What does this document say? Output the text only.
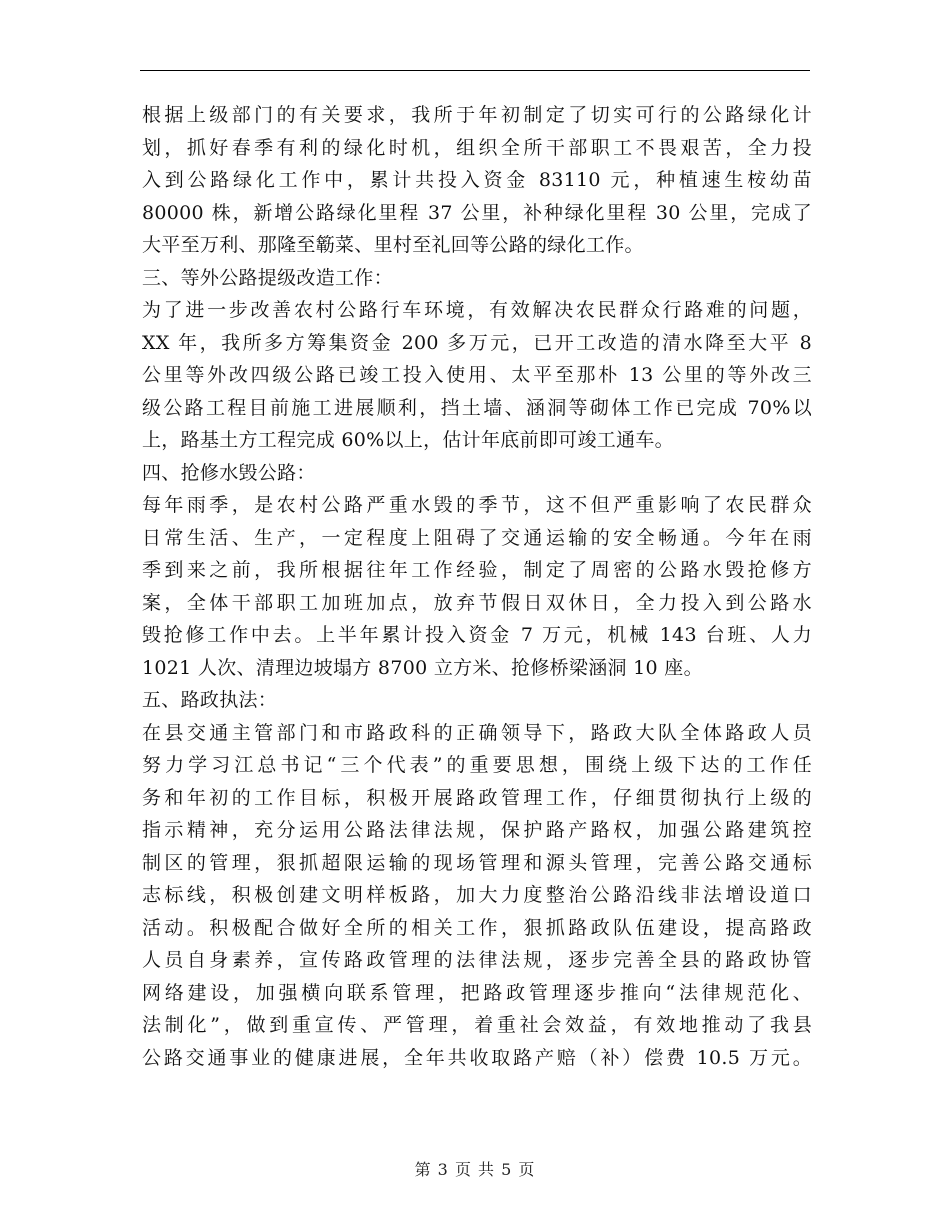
根据上级部门的有关要求，我所于年初制定了切实可行的公路绿化计
划，抓好春季有利的绿化时机，组织全所干部职工不畏艰苦，全力投
入到公路绿化工作中，累计共投入资金 83110 元，种植速生桉幼苗
80000 株，新增公路绿化里程 37 公里，补种绿化里程 30 公里，完成了
大平至万利、那隆至簕菜、里村至礼回等公路的绿化工作。
三、等外公路提级改造工作：
为了进一步改善农村公路行车环境，有效解决农民群众行路难的问题，
XX 年，我所多方筹集资金 200 多万元，已开工改造的清水降至大平 8
公里等外改四级公路已竣工投入使用、太平至那朴 13 公里的等外改三
级公路工程目前施工进展顺利，挡土墙、涵洞等砌体工作已完成 70%以
上，路基土方工程完成 60%以上，估计年底前即可竣工通车。
四、抢修水毁公路：
每年雨季，是农村公路严重水毁的季节，这不但严重影响了农民群众
日常生活、生产，一定程度上阻碍了交通运输的安全畅通。今年在雨
季到来之前，我所根据往年工作经验，制定了周密的公路水毁抢修方
案，全体干部职工加班加点，放弃节假日双休日，全力投入到公路水
毁抢修工作中去。上半年累计投入资金 7 万元，机械 143 台班、人力
1021 人次、清理边坡塌方 8700 立方米、抢修桥梁涵洞 10 座。
五、路政执法：
在县交通主管部门和市路政科的正确领导下，路政大队全体路政人员
努力学习江总书记“三个代表”的重要思想，围绕上级下达的工作任
务和年初的工作目标，积极开展路政管理工作，仔细贯彻执行上级的
指示精神，充分运用公路法律法规，保护路产路权，加强公路建筑控
制区的管理，狠抓超限运输的现场管理和源头管理，完善公路交通标
志标线，积极创建文明样板路，加大力度整治公路沿线非法增设道口
活动。积极配合做好全所的相关工作，狠抓路政队伍建设，提高路政
人员自身素养，宣传路政管理的法律法规，逐步完善全县的路政协管
网络建设，加强横向联系管理，把路政管理逐步推向“法律规范化、
法制化”，做到重宣传、严管理，着重社会效益，有效地推动了我县
公路交通事业的健康进展，全年共收取路产赔（补）偿费 10.5 万元。
第 3 页 共 5 页
